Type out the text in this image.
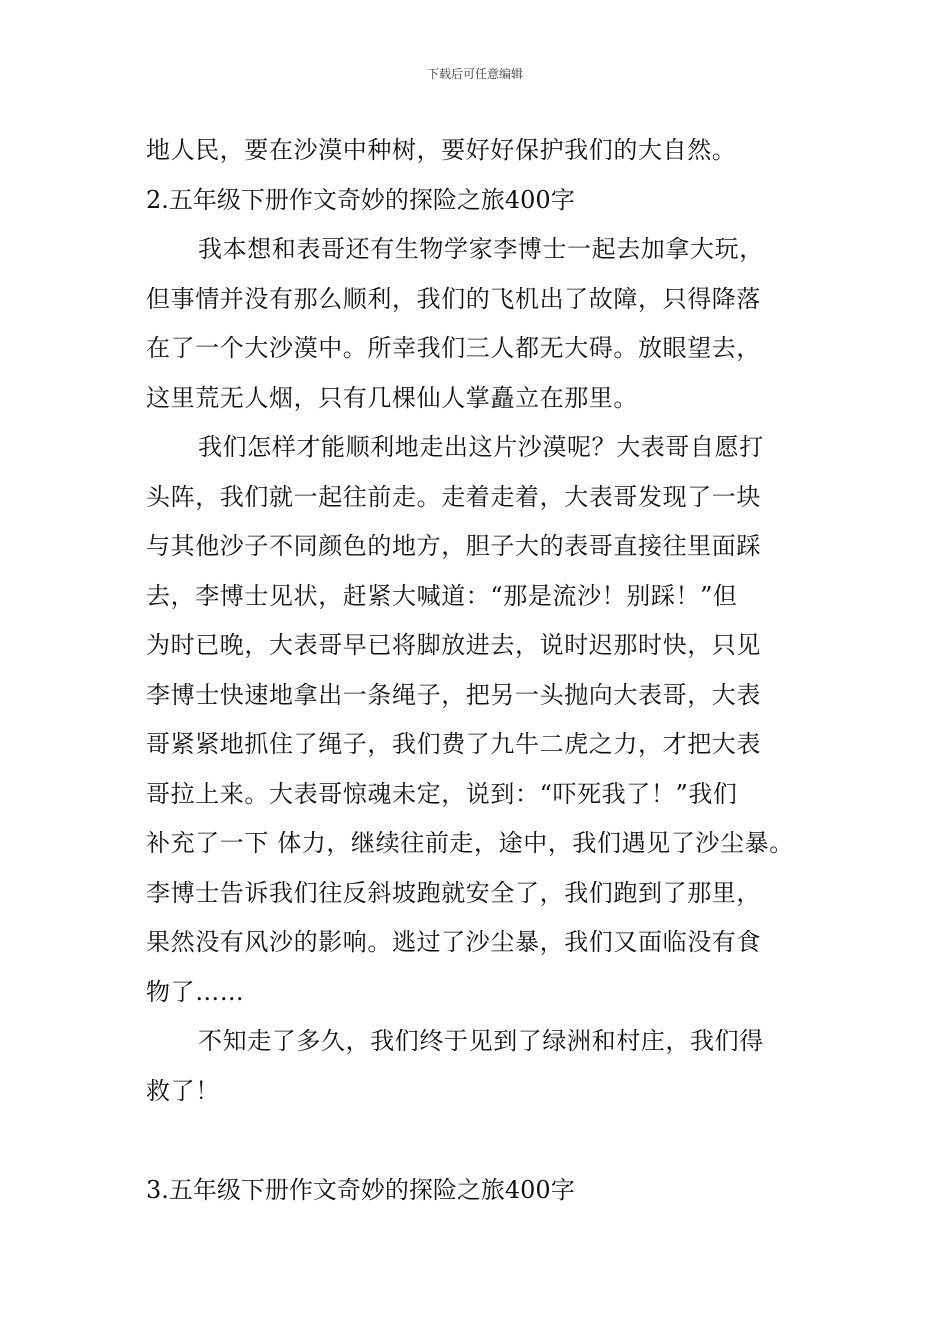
下载后可任意编辑
地人民，要在沙漠中种树，要好好保护我们的大自然。
2.五年级下册作文奇妙的探险之旅400字
我本想和表哥还有生物学家李博士一起去加拿大玩，
但事情并没有那么顺利，我们的飞机出了故障，只得降落
在了一个大沙漠中。所幸我们三人都无大碍。放眼望去，
这里荒无人烟，只有几棵仙人掌矗立在那里。
我们怎样才能顺利地走出这片沙漠呢？大表哥自愿打
头阵，我们就一起往前走。走着走着，大表哥发现了一块
与其他沙子不同颜色的地方，胆子大的表哥直接往里面踩
去，李博士见状，赶紧大喊道：“那是流沙！别踩！”但
为时已晚，大表哥早已将脚放进去，说时迟那时快，只见
李博士快速地拿出一条绳子，把另一头抛向大表哥，大表
哥紧紧地抓住了绳子，我们费了九牛二虎之力，才把大表
哥拉上来。大表哥惊魂未定，说到：“吓死我了！”我们
补充了一下 体力，继续往前走，途中，我们遇见了沙尘暴。
李博士告诉我们往反斜坡跑就安全了，我们跑到了那里，
果然没有风沙的影响。逃过了沙尘暴，我们又面临没有食
物了……
不知走了多久，我们终于见到了绿洲和村庄，我们得
救了！
3.五年级下册作文奇妙的探险之旅400字
